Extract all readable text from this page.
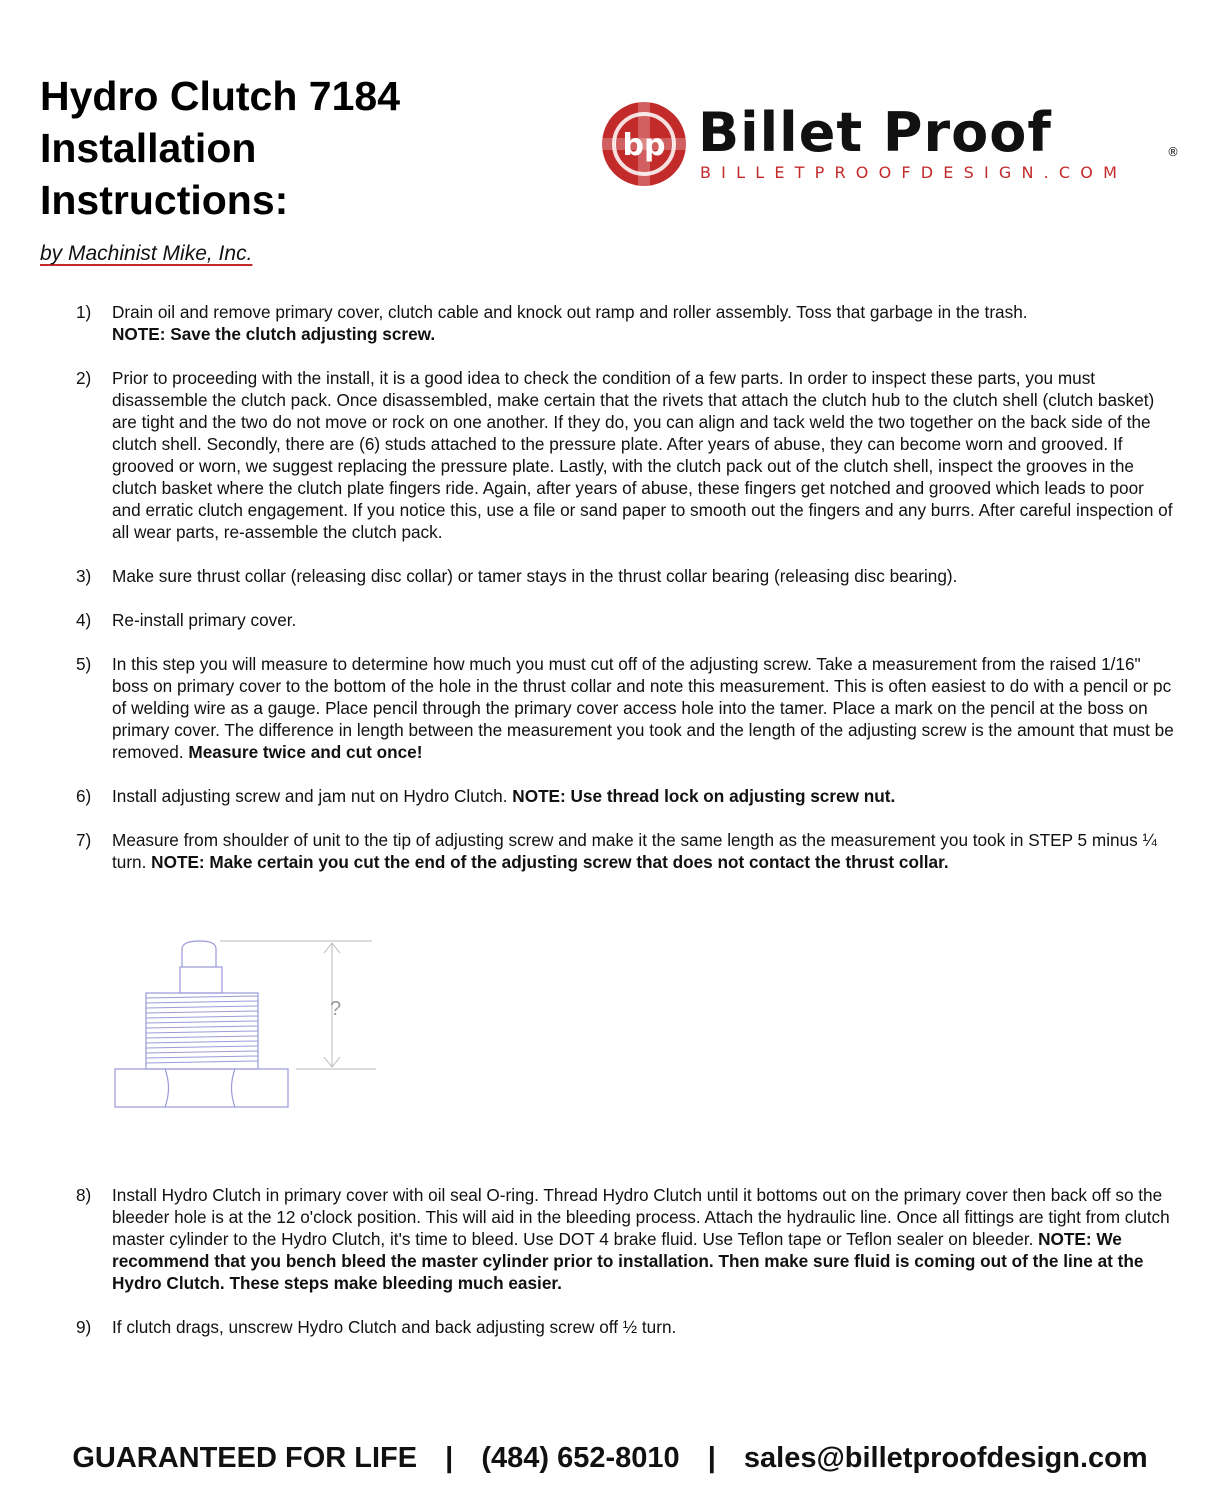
Hydro Clutch 7184
Installation
Instructions:
by Machinist Mike, Inc.
bp Billet Proof	®
BILLETPROOFDESIGN.COM
1)	Drain oil and remove primary cover, clutch cable and knock out ramp and roller assembly. Toss that garbage in the trash.
NOTE: Save the clutch adjusting screw.
2)	Prior to proceeding with the install, it is a good idea to check the condition of a few parts. In order to inspect these parts, you must disassemble the clutch pack. Once disassembled, make certain that the rivets that attach the clutch hub to the clutch shell (clutch basket) are tight and the two do not move or rock on one another. If they do, you can align and tack weld the two together on the back side of the clutch shell. Secondly, there are (6) studs attached to the pressure plate. After years of abuse, they can become worn and grooved. If grooved or worn, we suggest replacing the pressure plate. Lastly, with the clutch pack out of the clutch shell, inspect the grooves in the clutch basket where the clutch plate fingers ride. Again, after years of abuse, these fingers get notched and grooved which leads to poor and erratic clutch engagement. If you notice this, use a file or sand paper to smooth out the fingers and any burrs. After careful inspection of all wear parts, re-assemble the clutch pack.
3)	Make sure thrust collar (releasing disc collar) or tamer stays in the thrust collar bearing (releasing disc bearing).
4)	Re-install primary cover.
5)	In this step you will measure to determine how much you must cut off of the adjusting screw. Take a measurement from the raised 1/16" boss on primary cover to the bottom of the hole in the thrust collar and note this measurement. This is often easiest to do with a pencil or pc of welding wire as a gauge. Place pencil through the primary cover access hole into the tamer. Place a mark on the pencil at the boss on primary cover. The difference in length between the measurement you took and the length of the adjusting screw is the amount that must be removed. Measure twice and cut once!
6)	Install adjusting screw and jam nut on Hydro Clutch. NOTE: Use thread lock on adjusting screw nut.
7)	Measure from shoulder of unit to the tip of adjusting screw and make it the same length as the measurement you took in STEP 5 minus ¼ turn. NOTE: Make certain you cut the end of the adjusting screw that does not contact the thrust collar.
8)	Install Hydro Clutch in primary cover with oil seal O-ring. Thread Hydro Clutch until it bottoms out on the primary cover then back off so the bleeder hole is at the 12 o'clock position. This will aid in the bleeding process. Attach the hydraulic line. Once all fittings are tight from clutch master cylinder to the Hydro Clutch, it's time to bleed. Use DOT 4 brake fluid. Use Teflon tape or Teflon sealer on bleeder. NOTE: We recommend that you bench bleed the master cylinder prior to installation. Then make sure fluid is coming out of the line at the Hydro Clutch. These steps make bleeding much easier.
9)	If clutch drags, unscrew Hydro Clutch and back adjusting screw off ½ turn.
?
GUARANTEED FOR LIFE | (484) 652-8010 | sales@billetproofdesign.com
